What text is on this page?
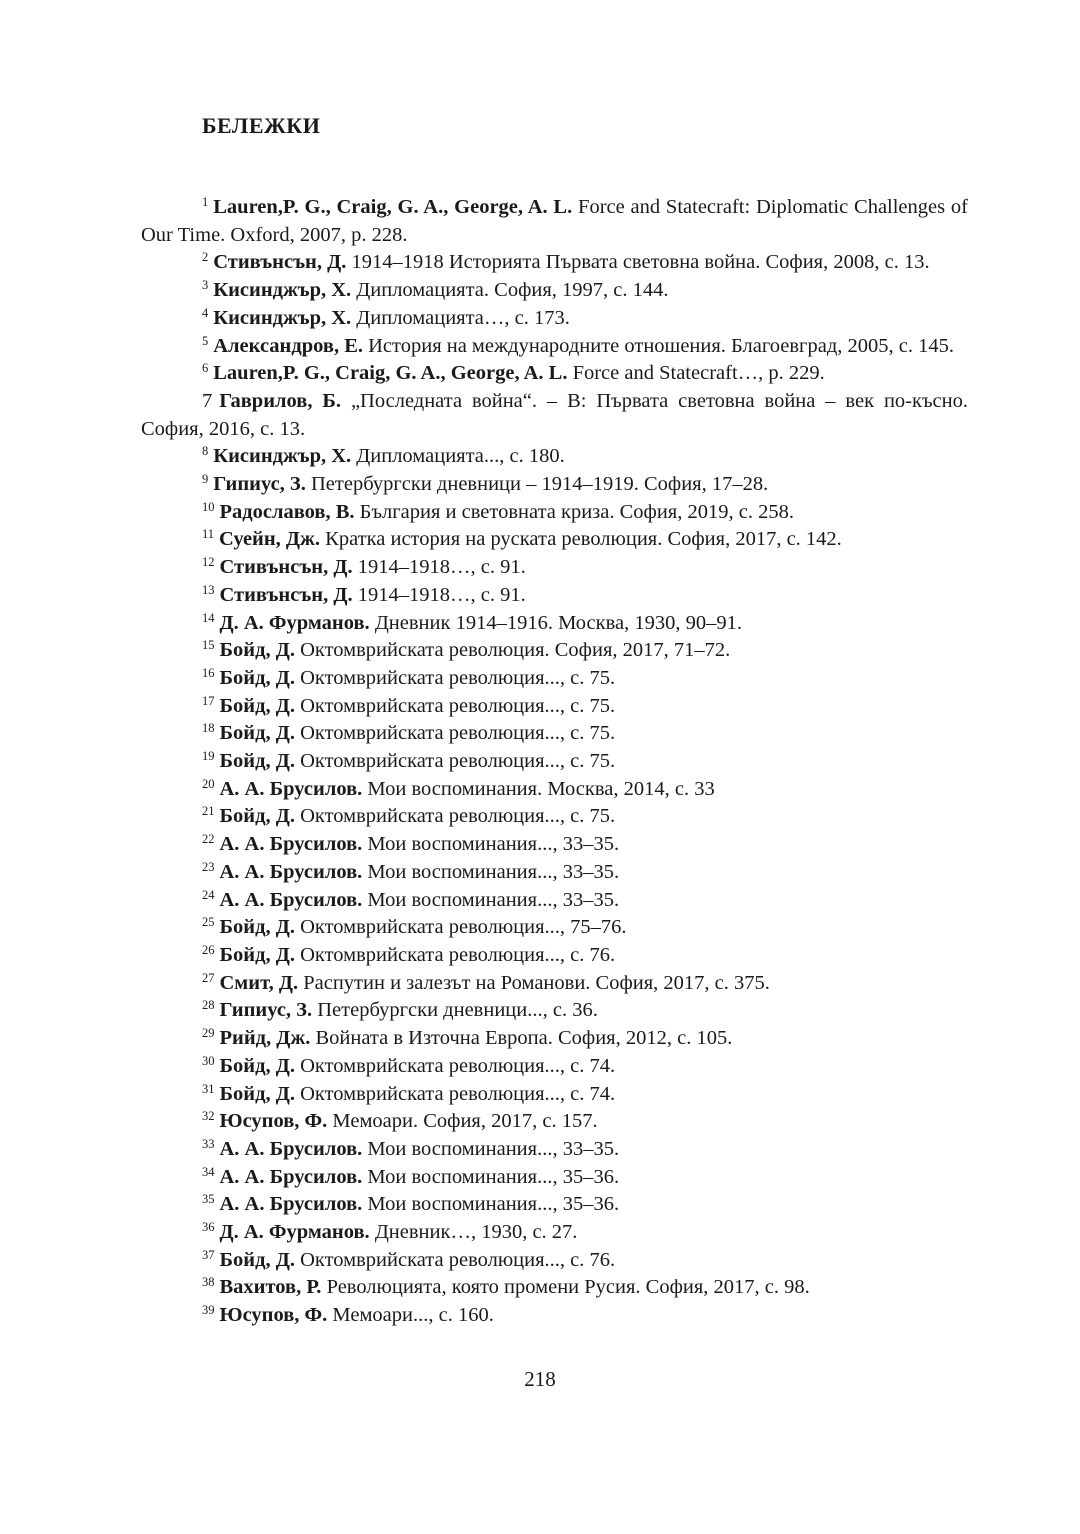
БЕЛЕЖКИ
$^1$ Lauren,P. G., Craig, G. A., George, A. L. Force and Statecraft: Diplomatic Challenges of Our Time. Oxford, 2007, p. 228.
$^2$ Стивънсън, Д. 1914–1918 Историята Първата световна война. София, 2008, с. 13.
$^3$ Кисинджър, Х. Дипломацията. София, 1997, с. 144.
$^4$ Кисинджър, Х. Дипломацията…, с. 173.
$^5$ Александров, Е. История на международните отношения. Благоевград, 2005, с. 145.
$^6$ Lauren,P. G., Craig, G. A., George, A. L. Force and Statecraft…, p. 229.
7 Гаврилов, Б. „Последната война“. – В: Първата световна война – век по-късно. София, 2016, с. 13.
$^8$ Кисинджър, Х. Дипломацията..., с. 180.
$^9$ Гипиус, З. Петербургски дневници – 1914–1919. София, 17–28.
$^{10}$ Радославов, В. България и световната криза. София, 2019, с. 258.
$^{11}$ Суейн, Дж. Кратка история на руската революция. София, 2017, с. 142.
$^{12}$ Стивънсън, Д. 1914–1918…, с. 91.
$^{13}$ Стивънсън, Д. 1914–1918…, с. 91.
$^{14}$ Д. А. Фурманов. Дневник 1914–1916. Москва, 1930, 90–91.
$^{15}$ Бойд, Д. Октомврийската революция. София, 2017, 71–72.
$^{16}$ Бойд, Д. Октомврийската революция..., с. 75.
$^{17}$ Бойд, Д. Октомврийската революция..., с. 75.
$^{18}$ Бойд, Д. Октомврийската революция..., с. 75.
$^{19}$ Бойд, Д. Октомврийската революция..., с. 75.
$^{20}$ А. А. Брусилов. Мои воспоминания. Москва, 2014, с. 33
$^{21}$ Бойд, Д. Октомврийската революция..., с. 75.
$^{22}$ А. А. Брусилов. Мои воспоминания..., 33–35.
$^{23}$ А. А. Брусилов. Мои воспоминания..., 33–35.
$^{24}$ А. А. Брусилов. Мои воспоминания..., 33–35.
$^{25}$ Бойд, Д. Октомврийската революция..., 75–76.
$^{26}$ Бойд, Д. Октомврийската революция..., с. 76.
$^{27}$ Смит, Д. Распутин и залезът на Романови. София, 2017, с. 375.
$^{28}$ Гипиус, З. Петербургски дневници..., с. 36.
$^{29}$ Рийд, Дж. Войната в Източна Европа. София, 2012, с. 105.
$^{30}$ Бойд, Д. Октомврийската революция..., с. 74.
$^{31}$ Бойд, Д. Октомврийската революция..., с. 74.
$^{32}$ Юсупов, Ф. Мемоари. София, 2017, с. 157.
$^{33}$ А. А. Брусилов. Мои воспоминания..., 33–35.
$^{34}$ А. А. Брусилов. Мои воспоминания..., 35–36.
$^{35}$ А. А. Брусилов. Мои воспоминания..., 35–36.
$^{36}$ Д. А. Фурманов. Дневник…, 1930, с. 27.
$^{37}$ Бойд, Д. Октомврийската революция..., с. 76.
$^{38}$ Вахитов, Р. Революцията, която промени Русия. София, 2017, с. 98.
$^{39}$ Юсупов, Ф. Мемоари..., с. 160.
218
